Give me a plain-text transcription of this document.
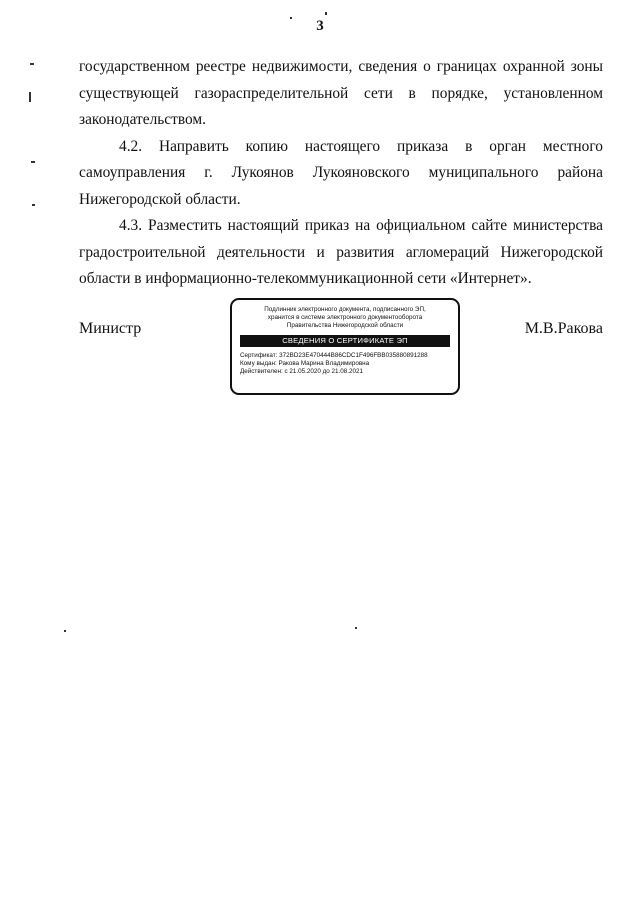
3

государственном реестре недвижимости, сведения о границах охранной зоны
существующей газораспределительной сети в порядке, установленном
законодательством.

4.2. Направить копию настоящего приказа в орган местного самоуправления г. Лукоянов Лукояновского муниципального района Нижегородской области.

4.3. Разместить настоящий приказ на официальном сайте министерства градостроительной деятельности и развития агломераций Нижегородской области в информационно-телекоммуникационной сети «Интернет».

Министр
Подлинник электронного документа, подписанного ЭП,
хранится в системе электронного документооборота
Правительства Нижегородской области
СВЕДЕНИЯ О СЕРТИФИКАТЕ ЭП
Сертификат: 372BD23E470444B86CDC1F496FBB035880891288
Кому выдан: Ракова Марина Владимировна
Действителен: с 21.05.2020 до 21.08.2021
М.В.Ракова
